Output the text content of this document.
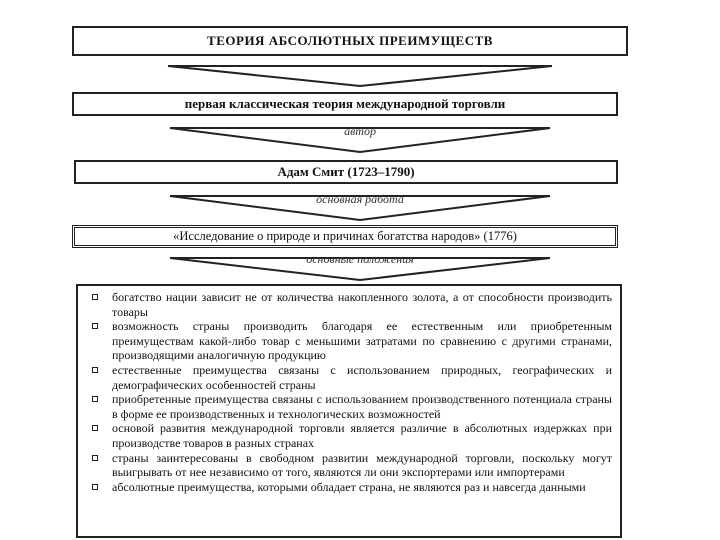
ТЕОРИЯ АБСОЛЮТНЫХ ПРЕИМУЩЕСТВ
первая классическая теория международной торговли
автор
Адам Смит (1723–1790)
основная работа
«Исследование о природе и причинах богатства народов» (1776)
основные положения
богатство нации зависит не от количества накопленного золота, а от способности производить товары
возможность страны производить благодаря ее естественным или приобретенным преимуществам какой-либо товар с меньшими затратами по сравнению с другими странами, производящими аналогичную продукцию
естественные преимущества связаны с использованием природных, географических и демографических особенностей страны
приобретенные преимущества связаны с использованием производственного потенциала страны в форме ее производственных и технологических возможностей
основой развития международной торговли является различие в абсолютных издержках при производстве товаров в разных странах
страны заинтересованы в свободном развитии международной торговли, поскольку могут выигрывать от нее независимо от того, являются ли они экспортерами или импортерами
абсолютные преимущества, которыми обладает страна, не являются раз и навсегда данными
